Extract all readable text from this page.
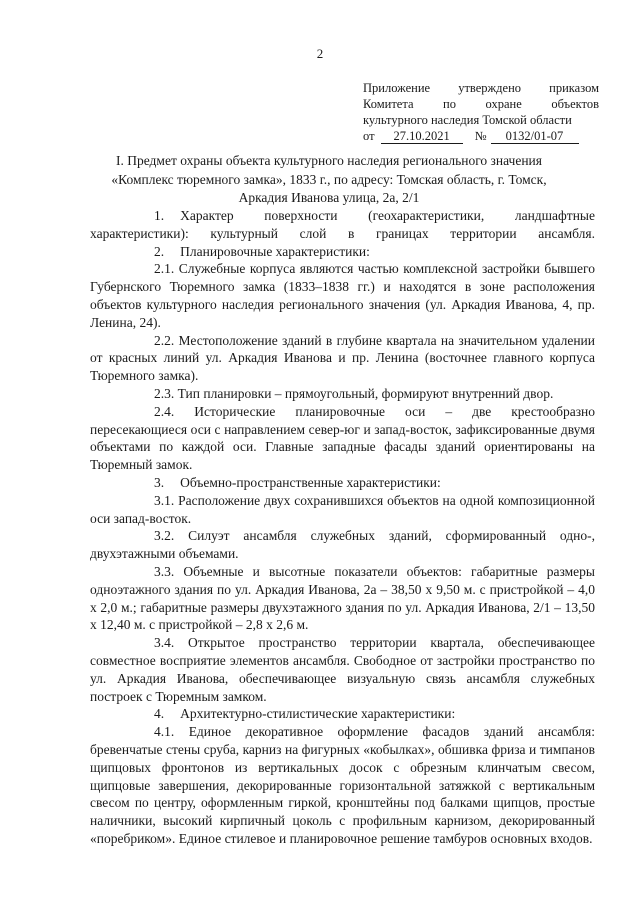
2
Приложение утверждено приказом
Комитета по охране объектов
культурного наследия Томской области
от	27.10.2021	№	0132/01-07
I. Предмет охраны объекта культурного наследия регионального значения «Комплекс тюремного замка», 1833 г., по адресу: Томская область, г. Томск, Аркадия Иванова улица, 2а, 2/1

1. Характер поверхности (геохарактеристики, ландшафтные характеристики): культурный слой в границах территории ансамбля.

2. Планировочные характеристики:

2.1. Служебные корпуса являются частью комплексной застройки бывшего Губернского Тюремного замка (1833–1838 гг.) и находятся в зоне расположения объектов культурного наследия регионального значения (ул. Аркадия Иванова, 4, пр. Ленина, 24).

2.2. Местоположение зданий в глубине квартала на значительном удалении от красных линий ул. Аркадия Иванова и пр. Ленина (восточнее главного корпуса Тюремного замка).

2.3. Тип планировки – прямоугольный, формируют внутренний двор.

2.4. Исторические планировочные оси – две крестообразно пересекающиеся оси с направлением север-юг и запад-восток, зафиксированные двумя объектами по каждой оси. Главные западные фасады зданий ориентированы на Тюремный замок.

3. Объемно-пространственные характеристики:

3.1. Расположение двух сохранившихся объектов на одной композиционной оси запад-восток.

3.2. Силуэт ансамбля служебных зданий, сформированный одно-, двухэтажными объемами.

3.3. Объемные и высотные показатели объектов: габаритные размеры одноэтажного здания по ул. Аркадия Иванова, 2а – 38,50 х 9,50 м. с пристройкой – 4,0 х 2,0 м.; габаритные размеры двухэтажного здания по ул. Аркадия Иванова, 2/1 – 13,50 х 12,40 м. с пристройкой – 2,8 х 2,6 м.

3.4. Открытое пространство территории квартала, обеспечивающее совместное восприятие элементов ансамбля. Свободное от застройки пространство по ул. Аркадия Иванова, обеспечивающее визуальную связь ансамбля служебных построек с Тюремным замком.

4. Архитектурно-стилистические характеристики:

4.1. Единое декоративное оформление фасадов зданий ансамбля: бревенчатые стены сруба, карниз на фигурных «кобылках», обшивка фриза и тимпанов щипцовых фронтонов из вертикальных досок с обрезным клинчатым свесом, щипцовые завершения, декорированные горизонтальной затяжкой с вертикальным свесом по центру, оформленным гиркой, кронштейны под балками щипцов, простые наличники, высокий кирпичный цоколь с профильным карнизом, декорированный «поребриком». Единое стилевое и планировочное решение тамбуров основных входов.
